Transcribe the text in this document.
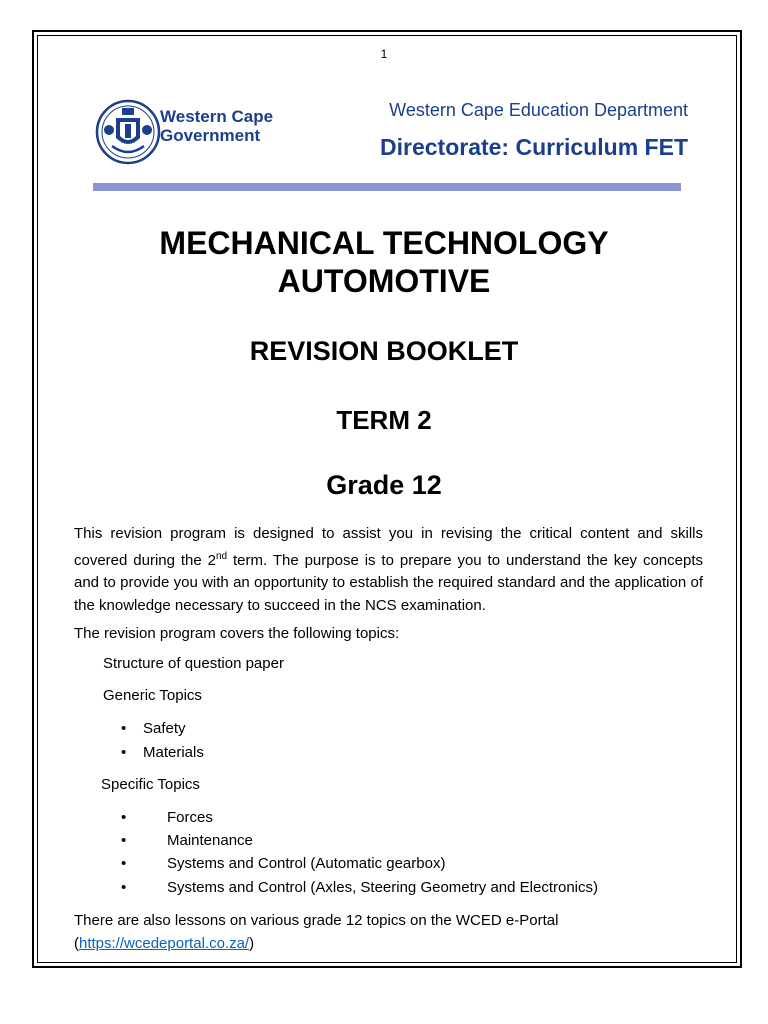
1
Western Cape
Government
Western Cape Education Department
Directorate: Curriculum FET
MECHANICAL TECHNOLOGY
AUTOMOTIVE
REVISION BOOKLET
TERM 2
Grade 12
This revision program is designed to assist you in revising the critical content and skills covered during the 2nd term. The purpose is to prepare you to understand the key concepts and to provide you with an opportunity to establish the required standard and the application of the knowledge necessary to succeed in the NCS examination.
The revision program covers the following topics:
Structure of question paper
Generic Topics
• Safety
• Materials
Specific Topics
•	Forces
•	Maintenance
•	Systems and Control (Automatic gearbox)
•	Systems and Control (Axles, Steering Geometry and Electronics)
There are also lessons on various grade 12 topics on the WCED e-Portal
(https://wcedeportal.co.za/)
